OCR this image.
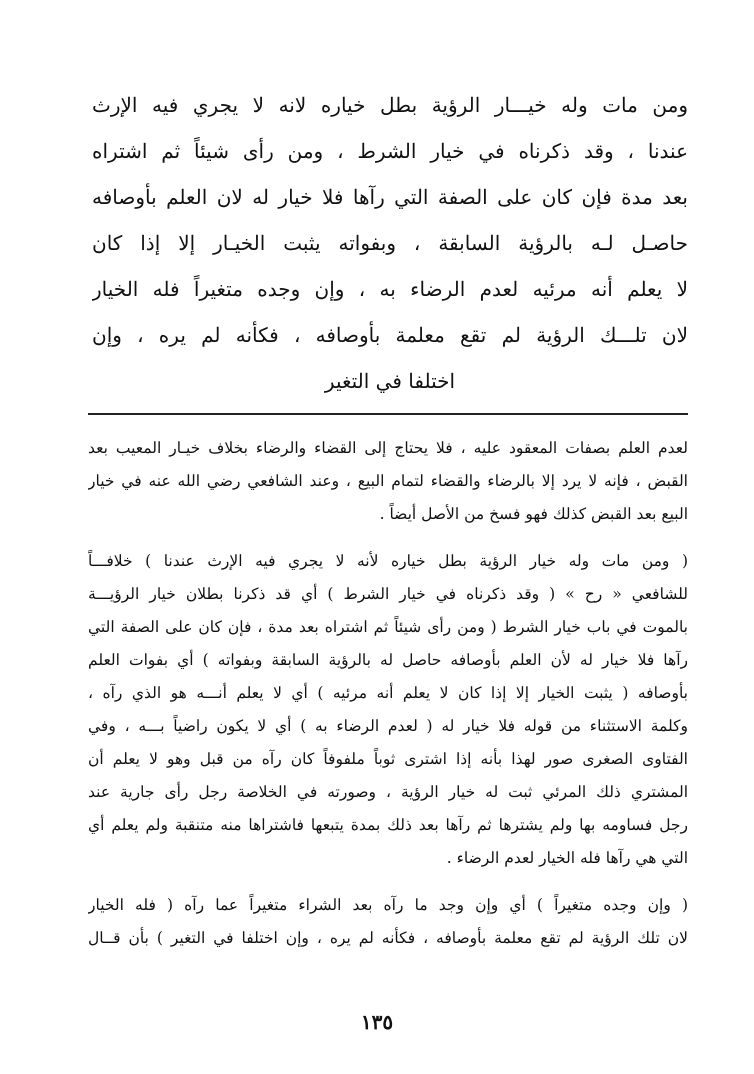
ومن مات وله خيـــار الرؤية بطل خياره لانه لا يجري فيه الإرث
عندنا ، وقد ذكرناه في خيار الشرط ، ومن رأى شيئاً ثم اشتراه
بعد مدة فإن كان على الصفة التي رآها فلا خيار له لان العلم بأوصافه
حاصـل لـه بالرؤية السابقة ، وبفواته يثبت الخيـار إلا إذا كان
لا يعلم أنه مرئيه لعدم الرضاء به ، وإن وجده متغيراً فله الخيار
لان تلـــك الرؤية لم تقع معلمة بأوصافه ، فكأنه لم يره ، وإن
اختلفا في التغير
لعدم العلم بصفات المعقود عليه ، فلا يحتاج إلى القضاء والرضاء بخلاف خيـار المعيب بعد
القبض ، فإنه لا يرد إلا بالرضاء والقضاء لتمام البيع ، وعند الشافعي رضي الله عنه في خيار
البيع بعد القبض كذلك فهو فسخ من الأصل أيضاً .
( ومن مات وله خيار الرؤية بطل خياره لأنه لا يجري فيه الإرث عندنا ) خلافـــاً
للشافعي « رح » ( وقد ذكرناه في خيار الشرط ) أي قد ذكرنا بطلان خيار الرؤيـــة
بالموت في باب خيار الشرط ( ومن رأى شيئاً ثم اشتراه بعد مدة ، فإن كان على الصفة التي
رآها فلا خيار له لأن العلم بأوصافه حاصل له بالرؤية السابقة وبفواته ) أي بفوات العلم
بأوصافه ( يثبت الخيار إلا إذا كان لا يعلم أنه مرئيه ) أي لا يعلم أنـــه هو الذي رآه ،
وكلمة الاستثناء من قوله فلا خيار له ( لعدم الرضاء به ) أي لا يكون راضياً بـــه ، وفي
الفتاوى الصغرى صور لهذا بأنه إذا اشترى ثوباً ملفوفاً كان رآه من قبل وهو لا يعلم أن
المشتري ذلك المرئي ثبت له خيار الرؤية ، وصورته في الخلاصة رجل رأى جارية عند
رجل فساومه بها ولم يشترها ثم رآها بعد ذلك بمدة يتبعها فاشتراها منه متنقبة ولم يعلم أي
التي هي رآها فله الخيار لعدم الرضاء .
( وإن وجده متغيراً ) أي وإن وجد ما رآه بعد الشراء متغيراً عما رآه ( فله الخيار
لان تلك الرؤية لم تقع معلمة بأوصافه ، فكأنه لم يره ، وإن اختلفا في التغير ) بأن قــال
١٣٥
